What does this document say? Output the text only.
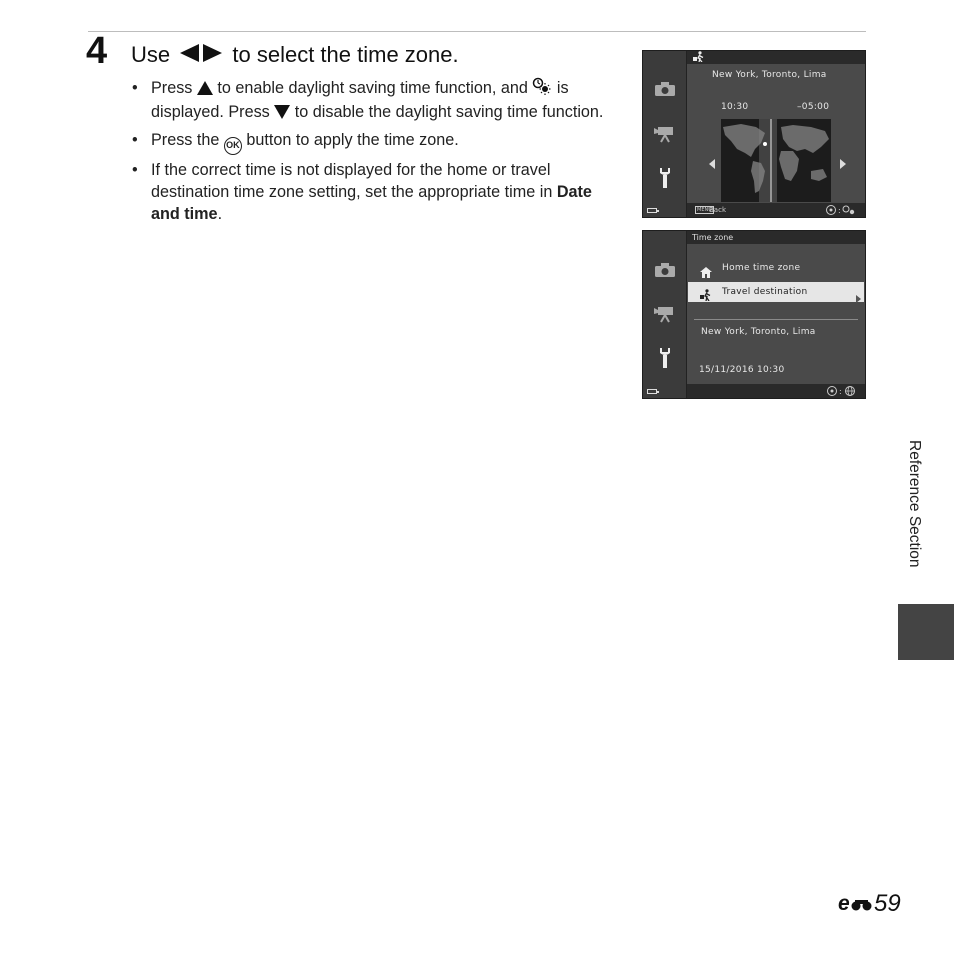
4 Use	to select the time zone.
• Press to enable daylight saving time function, and is displayed. Press to disable the daylight saving time function.
• Press the OK button to apply the time zone.
• If the correct time is not displayed for the home or travel destination time zone setting, set the appropriate time in Date and time.
New York, Toronto, Lima
10:30	–05:00
MENU
Back	:
Time zone
Home time zone
Travel destination
New York, Toronto, Lima
15/11/2016 10:30
:
Reference Section
e 59
